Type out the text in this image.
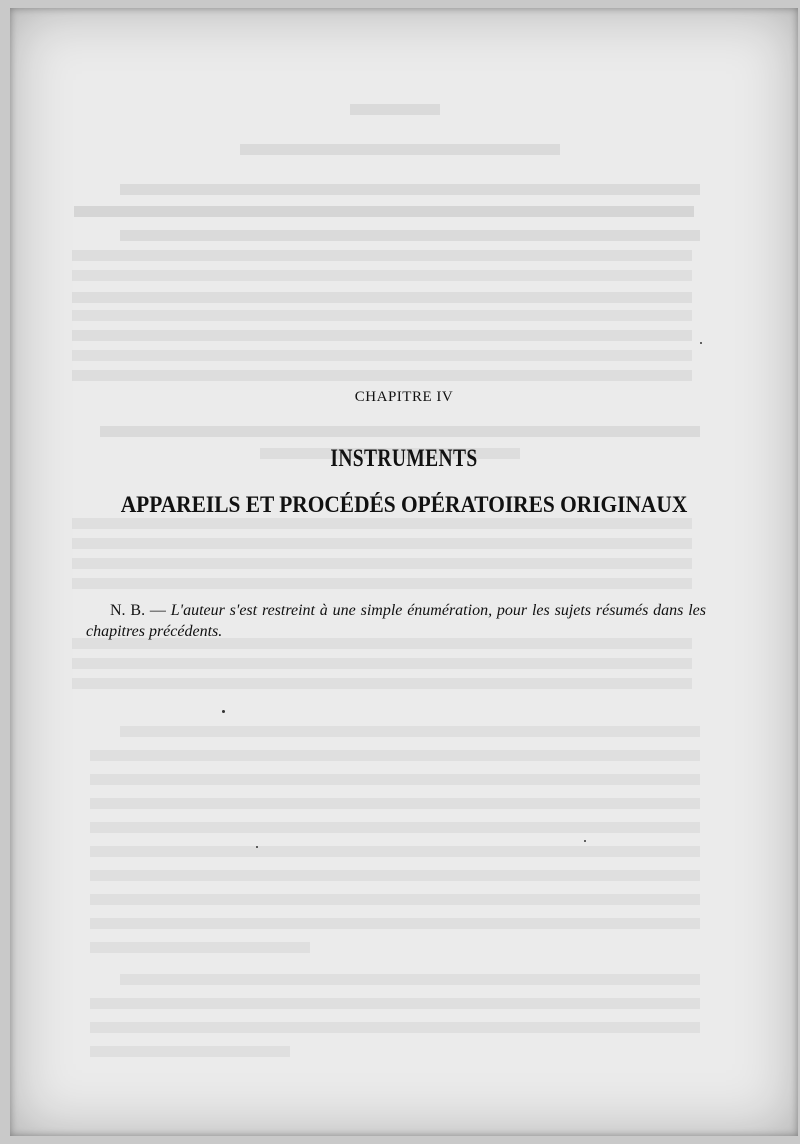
CHAPITRE IV
INSTRUMENTS
APPAREILS ET PROCÉDÉS OPÉRATOIRES ORIGINAUX
N. B. — L'auteur s'est restreint à une simple énumération, pour les sujets résumés dans les chapitres précédents.
